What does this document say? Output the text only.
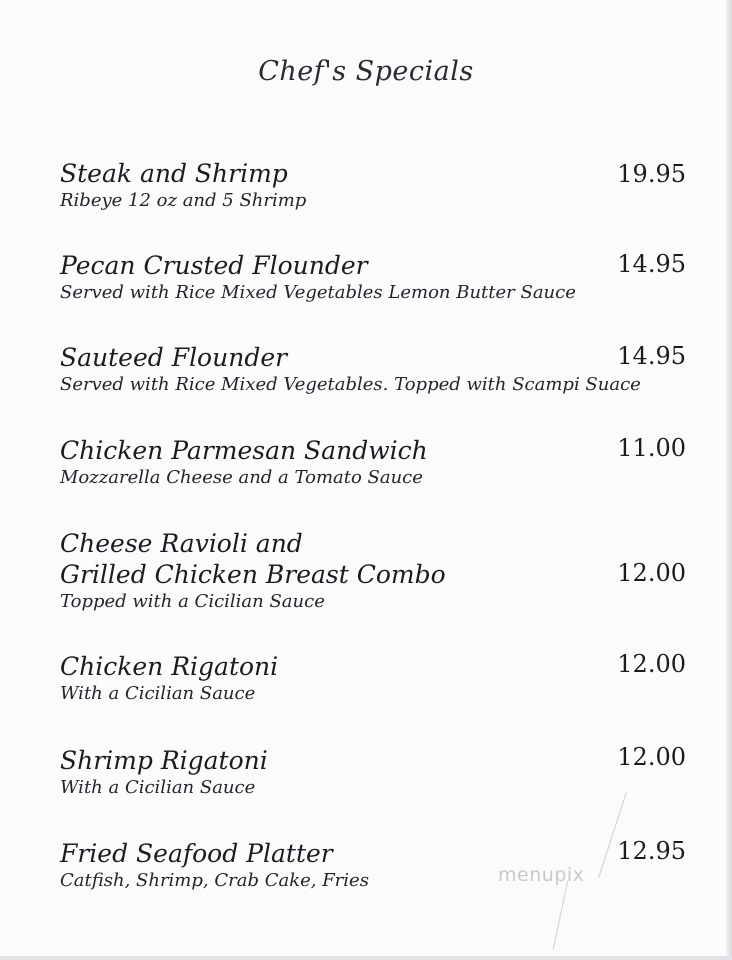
Chef's Specials
Steak and Shrimp
Ribeye 12 oz and 5 Shrimp
19.95
Pecan Crusted Flounder
Served with Rice Mixed Vegetables Lemon Butter Sauce
14.95
Sauteed Flounder
Served with Rice Mixed Vegetables. Topped with Scampi Suace
14.95
Chicken Parmesan Sandwich
Mozzarella Cheese and a Tomato Sauce
11.00
Cheese Ravioli and
Grilled Chicken Breast Combo
Topped with a Cicilian Sauce
12.00
Chicken Rigatoni
With a Cicilian Sauce
12.00
Shrimp Rigatoni
With a Cicilian Sauce
12.00
Fried Seafood Platter
Catfish, Shrimp, Crab Cake, Fries
12.95
menupix
